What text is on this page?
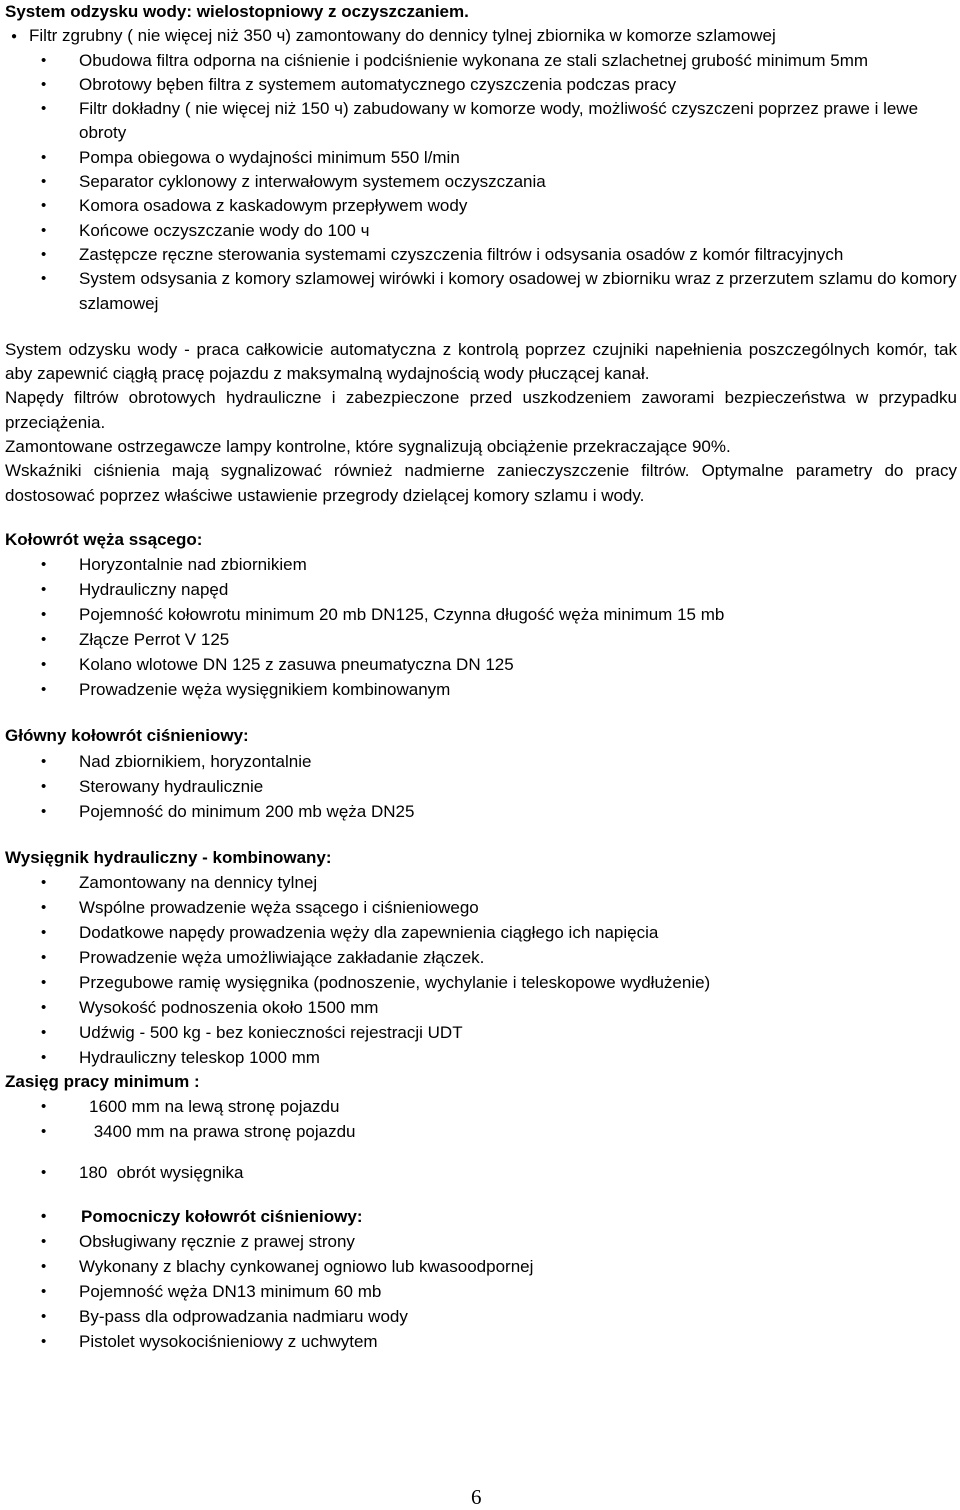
System odzysku wody: wielostopniowy z oczyszczaniem.

● Filtr zgrubny ( nie więcej niż 350 ч) zamontowany do dennicy tylnej zbiornika w komorze szlamowej
• Obudowa filtra odporna na ciśnienie i podciśnienie wykonana ze stali szlachetnej grubość minimum 5mm
• Obrotowy bęben filtra z systemem automatycznego czyszczenia podczas pracy
• Filtr dokładny ( nie więcej niż 150 ч) zabudowany w komorze wody, możliwość czyszczeni poprzez prawe i lewe obroty
• Pompa obiegowa o wydajności minimum 550 l/min
• Separator cyklonowy z interwałowym systemem oczyszczania
• Komora osadowa z kaskadowym przepływem wody
• Końcowe oczyszczanie wody do 100 ч
• Zastępcze ręczne sterowania systemami czyszczenia filtrów i odsysania osadów z komór filtracyjnych
• System odsysania z komory szlamowej wirówki i komory osadowej w zbiorniku wraz z przerzutem szlamu do komory szlamowej

System odzysku wody - praca całkowicie automatyczna z kontrolą poprzez czujniki napełnienia poszczególnych komór, tak aby zapewnić ciągłą pracę pojazdu z maksymalną wydajnością wody płuczącej kanał.

Napędy filtrów obrotowych hydrauliczne i zabezpieczone przed uszkodzeniem zaworami bezpieczeństwa w przypadku przeciążenia.

Zamontowane ostrzegawcze lampy kontrolne, które sygnalizują obciążenie przekraczające 90%.

Wskaźniki ciśnienia mają sygnalizować również nadmierne zanieczyszczenie filtrów. Optymalne parametry do pracy dostosować poprzez właściwe ustawienie przegrody dzielącej komory szlamu i wody.

Kołowrót węża ssącego:

• Horyzontalnie nad zbiornikiem
• Hydrauliczny napęd
• Pojemność kołowrotu minimum 20 mb DN125, Czynna długość węża minimum 15 mb
• Złącze Perrot V 125
• Kolano wlotowe DN 125 z zasuwa pneumatyczna DN 125
• Prowadzenie węża wysięgnikiem kombinowanym

Główny kołowrót ciśnieniowy:

• Nad zbiornikiem, horyzontalnie
• Sterowany hydraulicznie
• Pojemność do minimum 200 mb węża DN25

Wysięgnik hydrauliczny - kombinowany:

• Zamontowany na dennicy tylnej
• Wspólne prowadzenie węża ssącego i ciśnieniowego
• Dodatkowe napędy prowadzenia węży dla zapewnienia ciągłego ich napięcia
• Prowadzenie węża umożliwiające zakładanie złączek.
• Przegubowe ramię wysięgnika (podnoszenie, wychylanie i teleskopowe wydłużenie)
• Wysokość podnoszenia około 1500 mm
• Udźwig - 500 kg - bez konieczności rejestracji UDT
• Hydrauliczny teleskop 1000 mm

Zasięg pracy minimum :

• 1600 mm na lewą stronę pojazdu
•  3400 mm na prawa stronę pojazdu
• 180  obrót wysięgnika
• Pomocniczy kołowrót ciśnieniowy:
• Obsługiwany ręcznie z prawej strony
• Wykonany z blachy cynkowanej ogniowo lub kwasoodpornej
• Pojemność węża DN13 minimum 60 mb
• By-pass dla odprowadzania nadmiaru wody
• Pistolet wysokociśnieniowy z uchwytem
6
